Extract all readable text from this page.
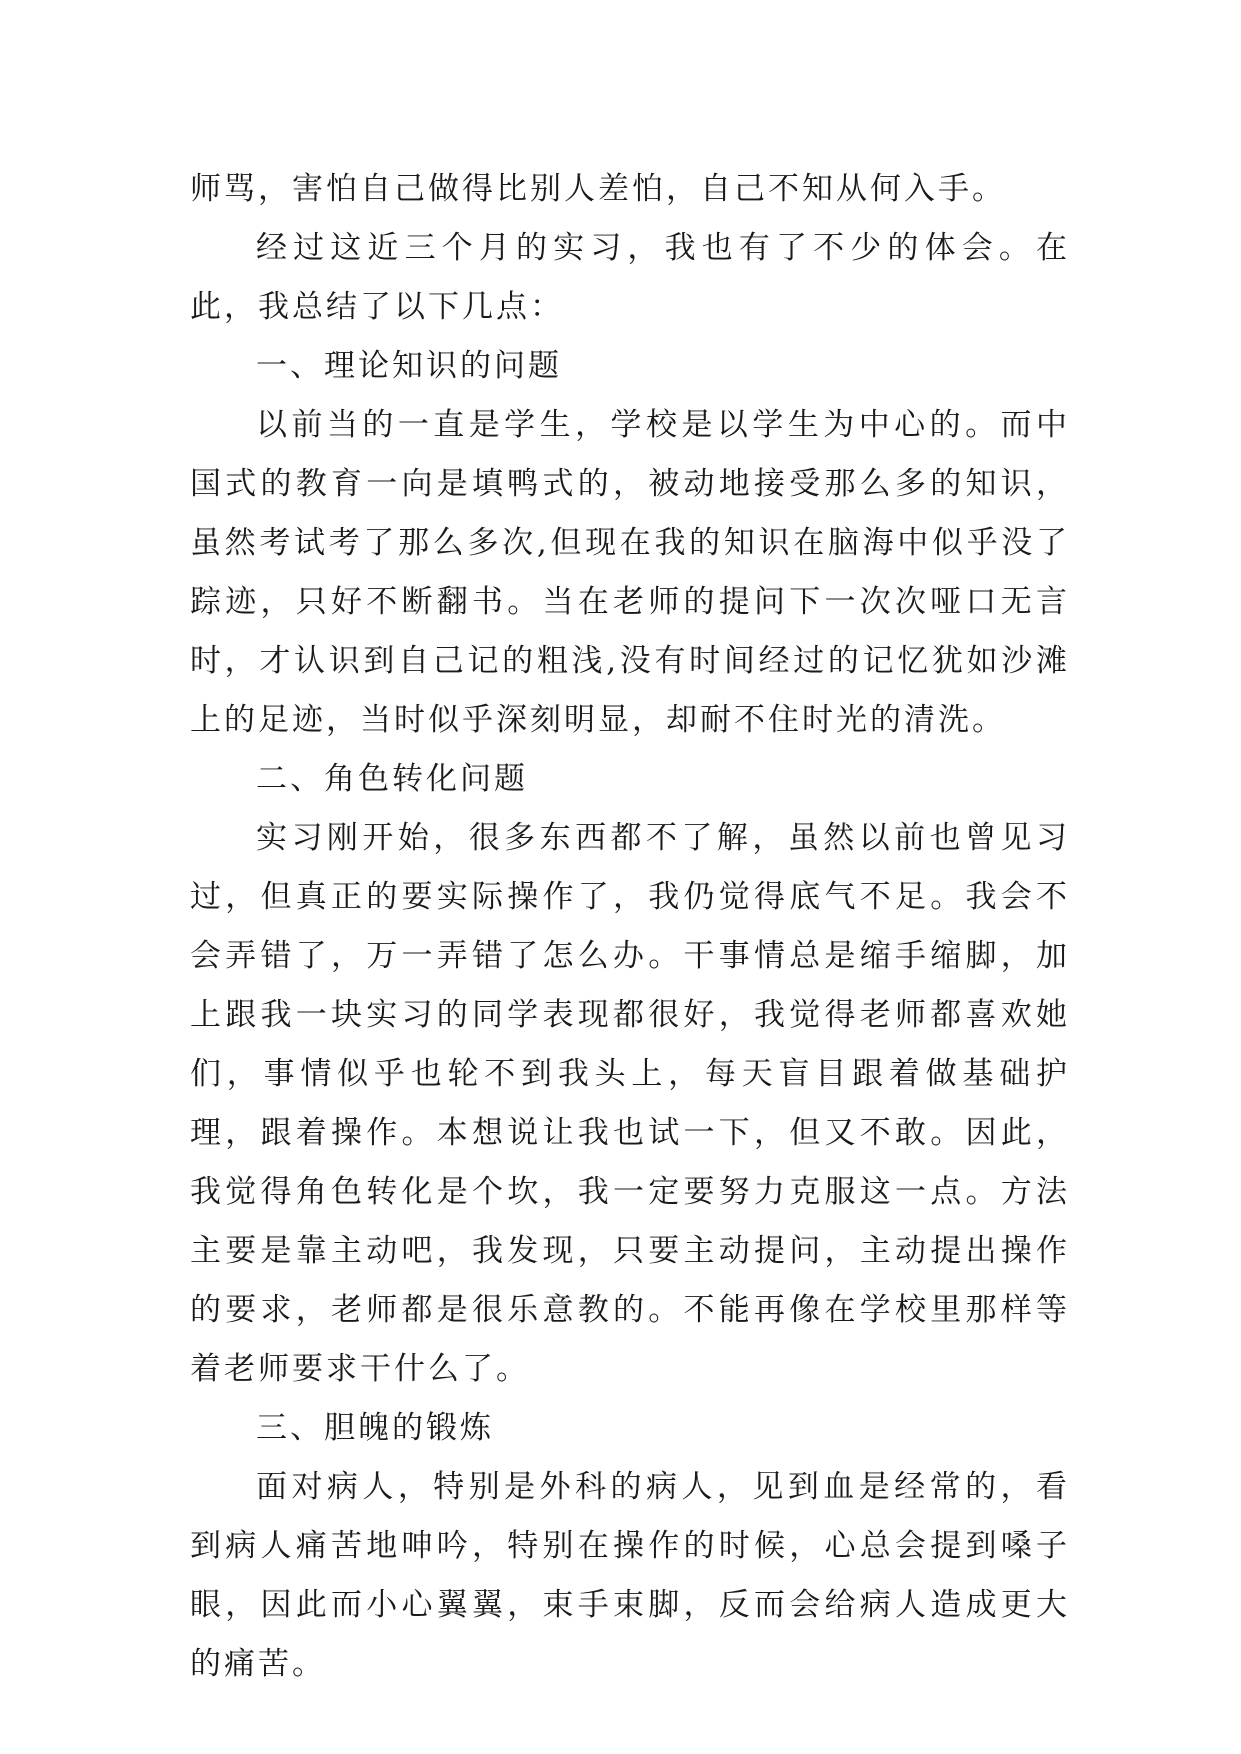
师骂，害怕自己做得比别人差怕，自己不知从何入手。

经过这近三个月的实习，我也有了不少的体会。在此，我总结了以下几点：

一、理论知识的问题

以前当的一直是学生，学校是以学生为中心的。而中国式的教育一向是填鸭式的，被动地接受那么多的知识，虽然考试考了那么多次,但现在我的知识在脑海中似乎没了踪迹，只好不断翻书。当在老师的提问下一次次哑口无言时，才认识到自己记的粗浅,没有时间经过的记忆犹如沙滩上的足迹，当时似乎深刻明显，却耐不住时光的清洗。

二、角色转化问题

实习刚开始，很多东西都不了解，虽然以前也曾见习过，但真正的要实际操作了，我仍觉得底气不足。我会不会弄错了，万一弄错了怎么办。干事情总是缩手缩脚，加上跟我一块实习的同学表现都很好，我觉得老师都喜欢她们，事情似乎也轮不到我头上，每天盲目跟着做基础护理，跟着操作。本想说让我也试一下，但又不敢。因此，我觉得角色转化是个坎，我一定要努力克服这一点。方法主要是靠主动吧，我发现，只要主动提问，主动提出操作的要求，老师都是很乐意教的。不能再像在学校里那样等着老师要求干什么了。

三、胆魄的锻炼

面对病人，特别是外科的病人，见到血是经常的，看到病人痛苦地呻吟，特别在操作的时候，心总会提到嗓子眼，因此而小心翼翼，束手束脚，反而会给病人造成更大的痛苦。
